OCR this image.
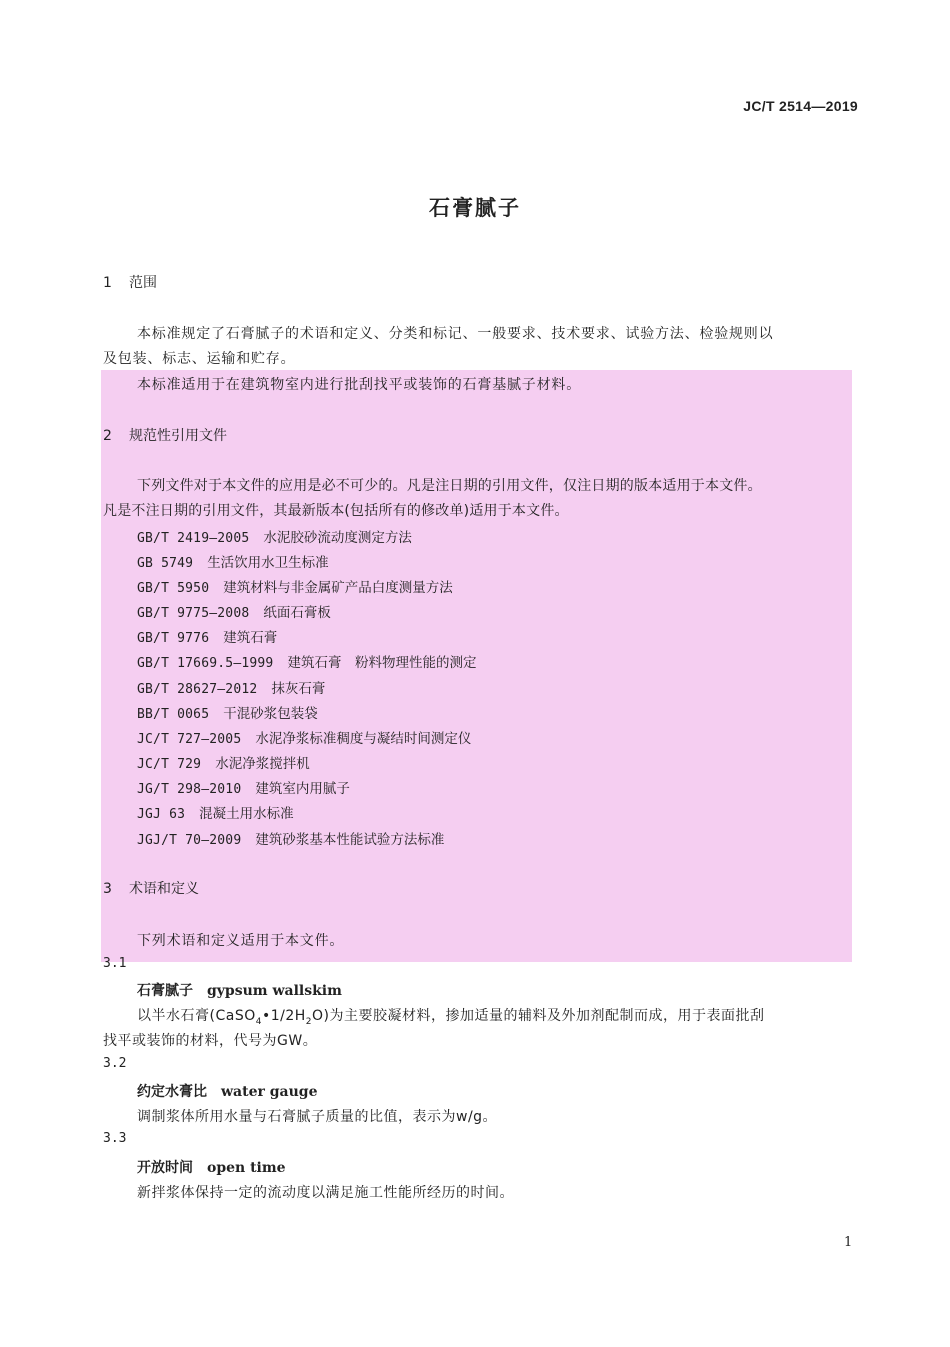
JC/T 2514—2019
石膏腻子
1 范围
本标准规定了石膏腻子的术语和定义、分类和标记、一般要求、技术要求、试验方法、检验规则以
及包装、标志、运输和贮存。
本标准适用于在建筑物室内进行批刮找平或装饰的石膏基腻子材料。
2 规范性引用文件
下列文件对于本文件的应用是必不可少的。凡是注日期的引用文件，仅注日期的版本适用于本文件。
凡是不注日期的引用文件，其最新版本(包括所有的修改单)适用于本文件。
GB/T 2419—2005 水泥胶砂流动度测定方法
GB 5749 生活饮用水卫生标准
GB/T 5950 建筑材料与非金属矿产品白度测量方法
GB/T 9775—2008 纸面石膏板
GB/T 9776 建筑石膏
GB/T 17669.5—1999 建筑石膏　粉料物理性能的测定
GB/T 28627—2012 抹灰石膏
BB/T 0065 干混砂浆包装袋
JC/T 727—2005 水泥净浆标准稠度与凝结时间测定仪
JC/T 729 水泥净浆搅拌机
JG/T 298—2010 建筑室内用腻子
JGJ 63 混凝土用水标准
JGJ/T 70—2009 建筑砂浆基本性能试验方法标准
3 术语和定义
下列术语和定义适用于本文件。
3.1
石膏腻子 gypsum wallskim
以半水石膏$(CaSO_4•1/2H_2O)$为主要胶凝材料，掺加适量的辅料及外加剂配制而成，用于表面批刮
找平或装饰的材料，代号为GW。
3.2
约定水膏比 water gauge
调制浆体所用水量与石膏腻子质量的比值，表示为w/g。
3.3
开放时间 open time
新拌浆体保持一定的流动度以满足施工性能所经历的时间。
1
